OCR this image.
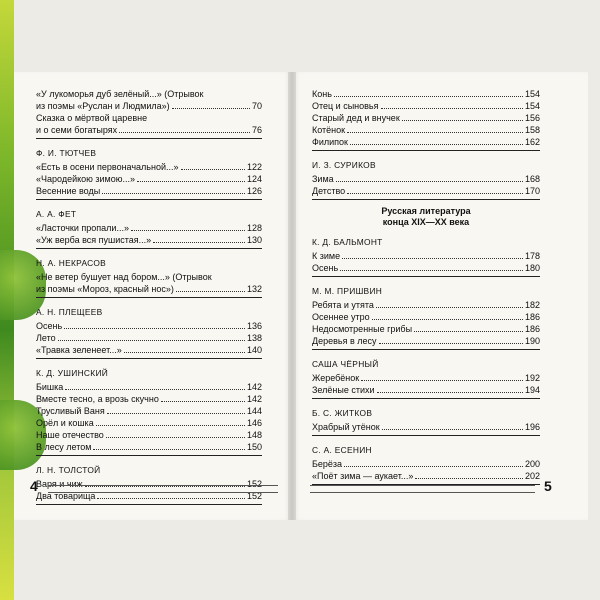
«У лукоморья дуб зелёный...» (Отрывок
из поэмы «Руслан и Людмила»)	70
Сказка о мёртвой царевне
и о семи богатырях	76
Ф. И. ТЮТЧЕВ
«Есть в осени первоначальной...»	122
«Чародейкою зимою...»	124
Весенние воды	126
А. А. ФЕТ
«Ласточки пропали...»	128
«Уж верба вся пушистая...»	130
Н. А. НЕКРАСОВ
«Не ветер бушует над бором...» (Отрывок
из поэмы «Мороз, красный нос»)	132
А. Н. ПЛЕЩЕЕВ
Осень	136
Лето	138
«Травка зеленеет...»	140
К. Д. УШИНСКИЙ
Бишка	142
Вместе тесно, а врозь скучно	142
Трусливый Ваня	144
Орёл и кошка	146
Наше отечество	148
В лесу летом	150
Л. Н. ТОЛСТОЙ
Варя и чиж	152
Два товарища	152
Конь	154
Отец и сыновья	154
Старый дед и внучек	156
Котёнок	158
Филипок	162
И. З. СУРИКОВ
Зима	168
Детство	170
Русская литература
конца XIX—XX века
К. Д. БАЛЬМОНТ
К зиме	178
Осень	180
М. М. ПРИШВИН
Ребята и утята	182
Осеннее утро	186
Недосмотренные грибы	186
Деревья в лесу	190
САША ЧЁРНЫЙ
Жеребёнок	192
Зелёные стихи	194
Б. С. ЖИТКОВ
Храбрый утёнок	196
С. А. ЕСЕНИН
Берёза	200
«Поёт зима — аукает...»	202
4	5
